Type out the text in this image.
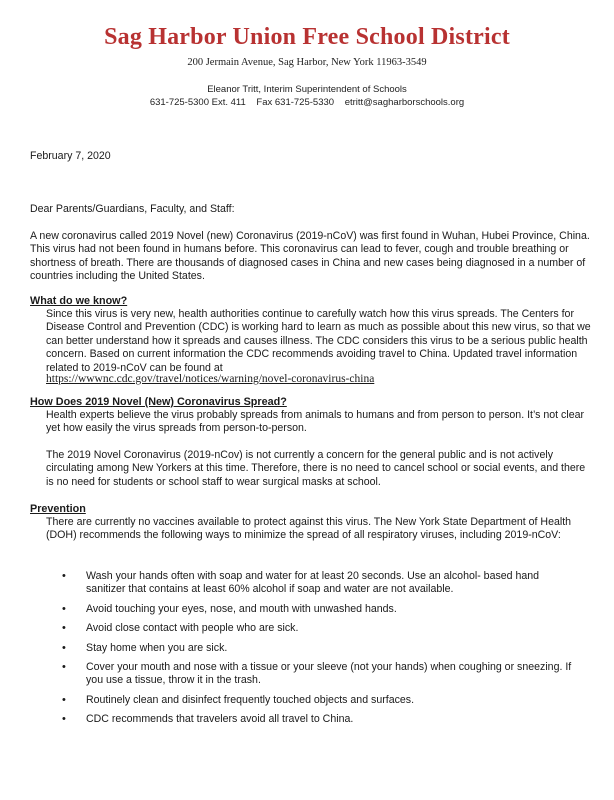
Sag Harbor Union Free School District
200 Jermain Avenue, Sag Harbor, New York 11963-3549
Eleanor Tritt, Interim Superintendent of Schools
631-725-5300 Ext. 411 Fax 631-725-5330 etritt@sagharborschools.org
February 7, 2020
Dear Parents/Guardians, Faculty, and Staff:
A new coronavirus called 2019 Novel (new) Coronavirus (2019-nCoV) was first found in Wuhan, Hubei Province, China. This virus had not been found in humans before. This coronavirus can lead to fever, cough and trouble breathing or shortness of breath. There are thousands of diagnosed cases in China and new cases being diagnosed in a number of countries including the United States.
What do we know?
Since this virus is very new, health authorities continue to carefully watch how this virus spreads. The Centers for Disease Control and Prevention (CDC) is working hard to learn as much as possible about this new virus, so that we can better understand how it spreads and causes illness. The CDC considers this virus to be a serious public health concern. Based on current information the CDC recommends avoiding travel to China. Updated travel information related to 2019-nCoV can be found at
https://wwwnc.cdc.gov/travel/notices/warning/novel-coronavirus-china
How Does 2019 Novel (New) Coronavirus Spread?
Health experts believe the virus probably spreads from animals to humans and from person to person. It’s not clear yet how easily the virus spreads from person-to-person.
The 2019 Novel Coronavirus (2019-nCov) is not currently a concern for the general public and is not actively circulating among New Yorkers at this time. Therefore, there is no need to cancel school or social events, and there is no need for students or school staff to wear surgical masks at school.
Prevention
There are currently no vaccines available to protect against this virus. The New York State Department of Health (DOH) recommends the following ways to minimize the spread of all respiratory viruses, including 2019-nCoV:
• Wash your hands often with soap and water for at least 20 seconds. Use an alcohol- based hand sanitizer that contains at least 60% alcohol if soap and water are not available.
• Avoid touching your eyes, nose, and mouth with unwashed hands.
• Avoid close contact with people who are sick.
• Stay home when you are sick.
• Cover your mouth and nose with a tissue or your sleeve (not your hands) when coughing or sneezing. If you use a tissue, throw it in the trash.
• Routinely clean and disinfect frequently touched objects and surfaces.
• CDC recommends that travelers avoid all travel to China.
